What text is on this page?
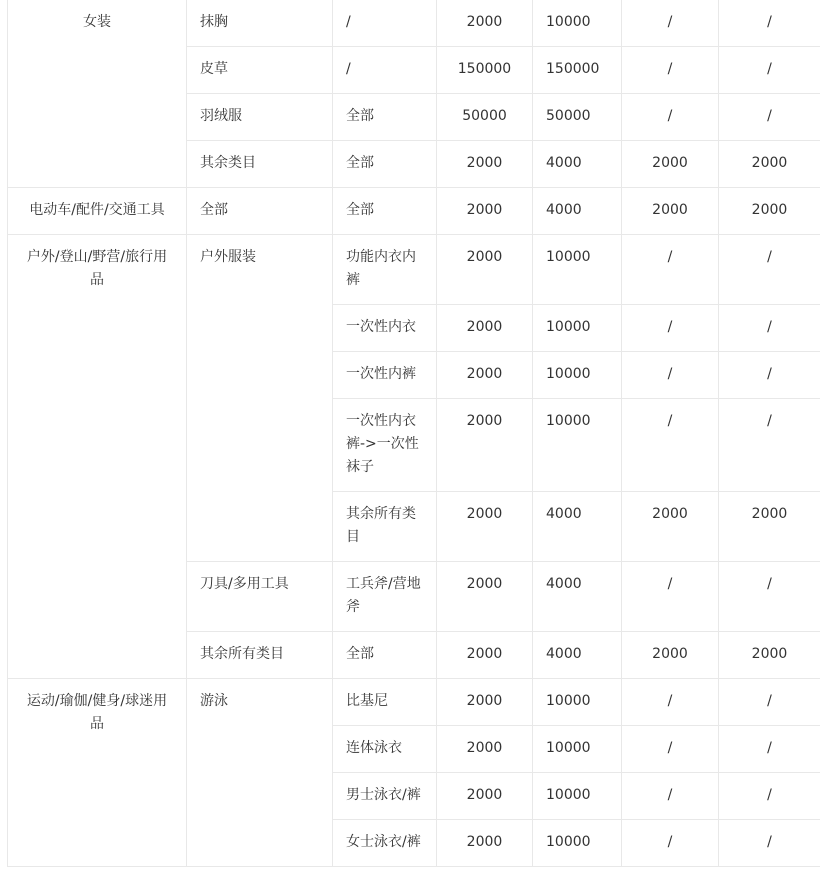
女装	抹胸	/	2000	10000	/	/
	皮草	/	150000	150000	/	/
	羽绒服	全部	50000	50000	/	/
	其余类目	全部	2000	4000	2000	2000
电动车/配件/交通工具	全部	全部	2000	4000	2000	2000
户外/登山/野营/旅行用品	户外服装	功能内衣内裤	2000	10000	/	/
		一次性内衣	2000	10000	/	/
		一次性内裤	2000	10000	/	/
		一次性内衣裤->一次性袜子	2000	10000	/	/
		其余所有类目	2000	4000	2000	2000
	刀具/多用工具	工兵斧/营地斧	2000	4000	/	/
	其余所有类目	全部	2000	4000	2000	2000
运动/瑜伽/健身/球迷用品	游泳	比基尼	2000	10000	/	/
		连体泳衣	2000	10000	/	/
		男士泳衣/裤	2000	10000	/	/
		女士泳衣/裤	2000	10000	/	/
